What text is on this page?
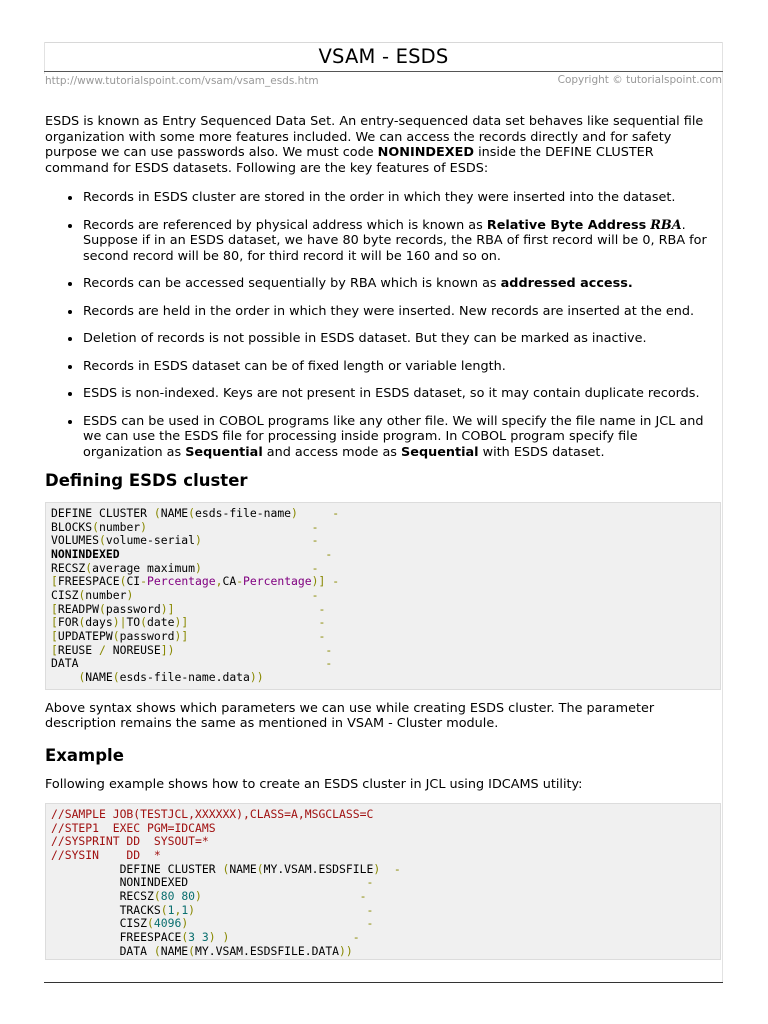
VSAM - ESDS
http://www.tutorialspoint.com/vsam/vsam_esds.htm	Copyright © tutorialspoint.com

ESDS is known as Entry Sequenced Data Set. An entry-sequenced data set behaves like sequential file organization with some more features included. We can access the records directly and for safety purpose we can use passwords also. We must code NONINDEXED inside the DEFINE CLUSTER command for ESDS datasets. Following are the key features of ESDS:

Records in ESDS cluster are stored in the order in which they were inserted into the dataset.
Records are referenced by physical address which is known as Relative Byte Address RBA. Suppose if in an ESDS dataset, we have 80 byte records, the RBA of first record will be 0, RBA for second record will be 80, for third record it will be 160 and so on.
Records can be accessed sequentially by RBA which is known as addressed access.
Records are held in the order in which they were inserted. New records are inserted at the end.
Deletion of records is not possible in ESDS dataset. But they can be marked as inactive.
Records in ESDS dataset can be of fixed length or variable length.
ESDS is non-indexed. Keys are not present in ESDS dataset, so it may contain duplicate records.
ESDS can be used in COBOL programs like any other file. We will specify the file name in JCL and we can use the ESDS file for processing inside program. In COBOL program specify file organization as Sequential and access mode as Sequential with ESDS dataset.
Defining ESDS cluster
DEFINE CLUSTER (NAME(esds-file-name)	-
BLOCKS(number)	-
VOLUMES(volume-serial)	-
NONINDEXED	-
RECSZ(average maximum)	-
[FREESPACE(CI-Percentage,CA-Percentage)] -
CISZ(number)	-
[READPW(password)]	-
[FOR(days)|TO(date)]	-
[UPDATEPW(password)]	-
[REUSE / NOREUSE])	-
DATA	-
(NAME(esds-file-name.data))

Above syntax shows which parameters we can use while creating ESDS cluster. The parameter description remains the same as mentioned in VSAM - Cluster module.

Example

Following example shows how to create an ESDS cluster in JCL using IDCAMS utility:

//SAMPLE JOB(TESTJCL,XXXXXX),CLASS=A,MSGCLASS=C
//STEP1  EXEC PGM=IDCAMS
//SYSPRINT DD  SYSOUT=*
//SYSIN    DD  *
DEFINE CLUSTER (NAME(MY.VSAM.ESDSFILE) -
NONINDEXED	-
RECSZ(80 80)	-
TRACKS(1,1)	-
CISZ(4096)	-
FREESPACE(3 3) )	-
DATA (NAME(MY.VSAM.ESDSFILE.DATA))
